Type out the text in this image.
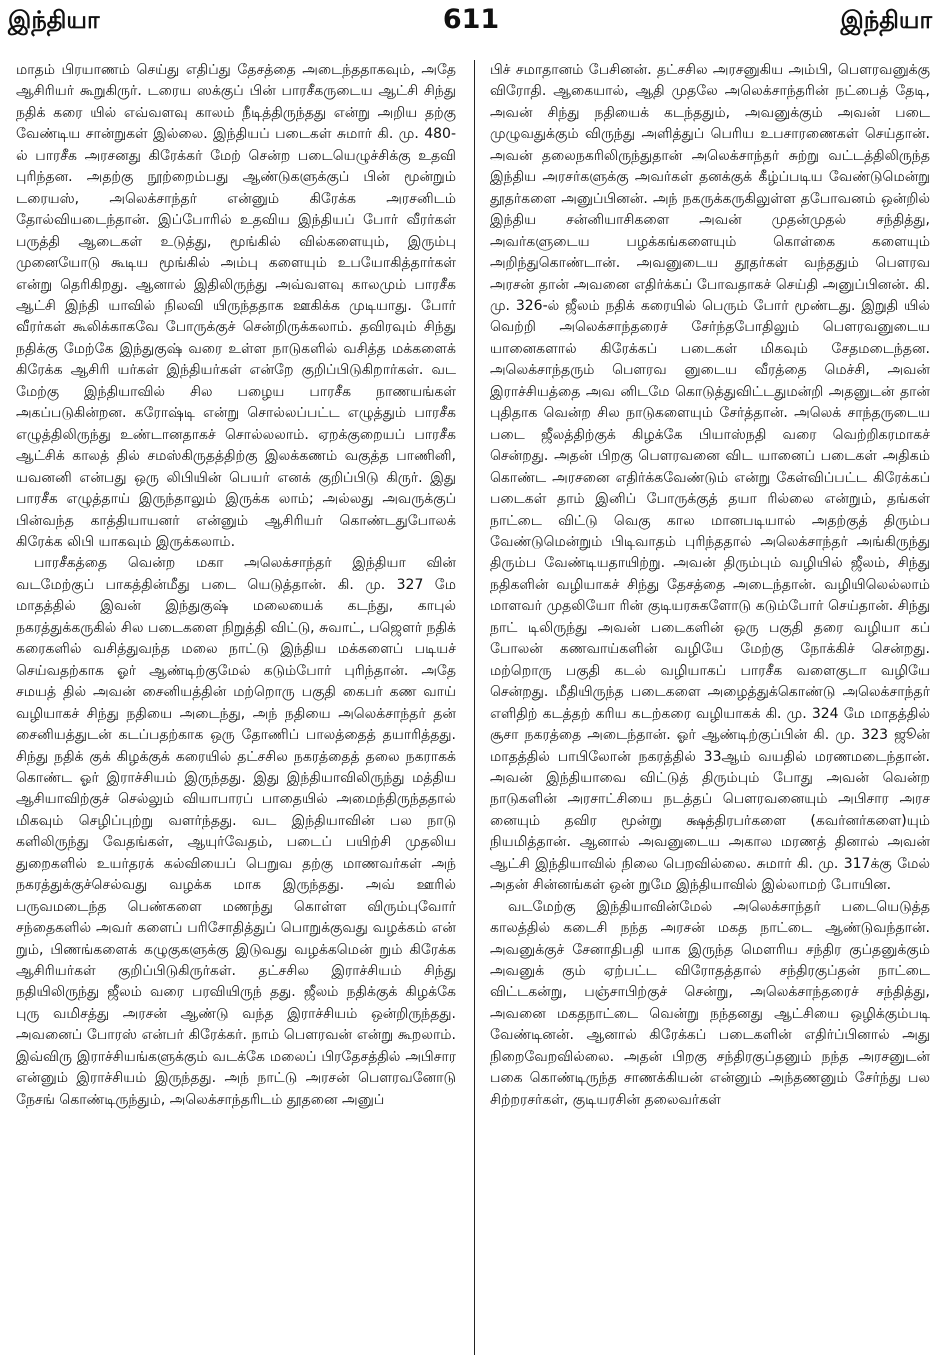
இந்தியா	611	இந்தியா

மாதம் பிரயாணம் செய்து எதிப்து தேசத்தை அடைந்ததாகவும், அதே ஆசிரியர் கூறுகிருர். டரைய ஸக்குப் பின் பாரசீகருடைய ஆட்சி சிந்து நதிக் கரை யில் எவ்வளவு காலம் நீடித்திருந்தது என்று அறிய தற்கு வேண்டிய சான்றுகள் இல்லை. இந்தியப் படைகள் சுமார் கி. மு. 480-ல் பாரசீக அரசனது கிரேக்கர் மேற் சென்ற படையெழுச்சிக்கு உதவி புரிந்தன. அதற்கு நூற்றைம்பது ஆண்டுகளுக்குப் பின் மூன்றும் டரையஸ், அலெக்சாந்தர் என்னும் கிரேக்க அரசனிடம் தோல்வியடைந்தான். இப்போரில் உதவிய இந்தியப் போர் வீரர்கள் பருத்தி ஆடைகள் உடுத்து, மூங்கில் வில்களையும், இரும்பு முனையோடு கூடிய மூங்கில் அம்பு களையும் உபயோகித்தார்கள் என்று தெரிகிறது. ஆனால் இதிலிருந்து அவ்வளவு காலமும் பாரசீக ஆட்சி இந்தி யாவில் நிலவி யிருந்ததாக ஊகிக்க முடியாது. போர் வீரர்கள் கூலிக்காகவே போருக்குச் சென்றிருக்கலாம். தவிரவும் சிந்து நதிக்கு மேற்கே இந்துகுஷ் வரை உள்ள நாடுகளில் வசித்த மக்களைக் கிரேக்க ஆசிரி யர்கள் இந்தியர்கள் என்றே குறிப்பிடுகிறார்கள். வட மேற்கு இந்தியாவில் சில பழைய பாரசீக நாணயங்கள் அகப்படுகின்றன. கரோஷ்டி என்று சொல்லப்பட்ட எழுத்தும் பாரசீக எழுத்திலிருந்து உண்டானதாகச் சொல்லலாம். ஏறக்குறையப் பாரசீக ஆட்சிக் காலத் தில் சமஸ்கிருதத்திற்கு இலக்கணம் வகுத்த பாணினி, யவனனி என்பது ஒரு லிபியின் பெயர் எனக் குறிப்பிடு கிருர். இது பாரசீக எழுத்தாய் இருந்தாலும் இருக்க லாம்; அல்லது அவருக்குப் பின்வந்த காத்தியாயனர் என்னும் ஆசிரியர் கொண்டதுபோலக் கிரேக்க லிபி யாகவும் இருக்கலாம்.

பாரசீகத்தை வென்ற மகா அலெக்சாந்தர் இந்தியா வின் வடமேற்குப் பாகத்தின்மீது படை யெடுத்தான். கி. மு. 327 மே மாதத்தில் இவன் இந்துகுஷ் மலையைக் கடந்து, காபுல் நகரத்துக்கருகில் சில படைகளை நிறுத்தி விட்டு, சுவாட், பஜௌர் நதிக் கரைகளில் வசித்துவந்த மலை நாட்டு இந்திய மக்களைப் படியச் செய்வதற்காக ஓர் ஆண்டிற்குமேல் கடும்போர் புரிந்தான். அதே சமயத் தில் அவன் சைனியத்தின் மற்றொரு பகுதி கைபர் கண வாய் வழியாகச் சிந்து நதியை அடைந்து, அந் நதியை அலெக்சாந்தர் தன் சைனியத்துடன் கடப்பதற்காக ஒரு தோணிப் பாலத்தைத் தயாரித்தது. சிந்து நதிக் குக் கிழக்குக் கரையில் தட்சசில நகரத்தைத் தலை நகராகக் கொண்ட ஓர் இராச்சியம் இருந்தது. இது இந்தியாவிலிருந்து மத்திய ஆசியாவிற்குச் செல்லும் வியாபாரப் பாதையில் அமைந்திருந்ததால் மிகவும் செழிப்புற்று வளர்ந்தது. வட இந்தியாவின் பல நாடு களிலிருந்து வேதங்கள், ஆயுர்வேதம், படைப் பயிற்சி முதலிய துறைகளில் உயர்தரக் கல்வியைப் பெறுவ தற்கு மாணவர்கள் அந் நகரத்துக்குச்செல்வது வழக்க மாக இருந்தது. அவ் ஊரில் பருவமடைந்த பெண்களை மணந்து கொள்ள விரும்புவோர் சந்தைகளில் அவர் களைப் பரிசோதித்துப் பொறுக்குவது வழக்கம் என் றும், பிணங்களைக் கழுகுகளுக்கு இடுவது வழக்கமென் றும் கிரேக்க ஆசிரியர்கள் குறிப்பிடுகிருர்கள். தட்சசில இராச்சியம் சிந்து நதியிலிருந்து ஜீலம் வரை பரவியிருந் தது. ஜீலம் நதிக்குக் கிழக்கே புரு வமிசத்து அரசன் ஆண்டு வந்த இராச்சியம் ஒன்றிருந்தது. அவனைப் போரஸ் என்பர் கிரேக்கர். நாம் பௌரவன் என்று கூறலாம். இவ்விரு இராச்சியங்களுக்கும் வடக்கே மலைப் பிரதேசத்தில் அபிசார என்னும் இராச்சியம் இருந்தது. அந் நாட்டு அரசன் பௌரவனோடு நேசங் கொண்டிருந்தும், அலெக்சாந்தரிடம் தூதனை அனுப்

பிச் சமாதானம் பேசினன். தட்சசில அரசனுகிய அம்பி, பௌரவனுக்கு விரோதி. ஆகையால், ஆதி முதலே அலெக்சாந்தரின் நட்பைத் தேடி, அவன் சிந்து நதியைக் கடந்ததும், அவனுக்கும் அவன் படை முழுவதுக்கும் விருந்து அளித்துப் பெரிய உபசாரணைகள் செய்தான். அவன் தலைநகரிலிருந்துதான் அலெக்சாந்தர் சுற்று வட்டத்திலிருந்த இந்திய அரசர்களுக்கு அவர்கள் தனக்குக் கீழ்ப்படிய வேண்டுமென்று தூதர்களை அனுப்பினன். அந் நகருக்கருகிலுள்ள தபோவனம் ஒன்றில் இந்திய சன்னியாசிகளை அவன் முதன்முதல் சந்தித்து, அவர்களுடைய பழக்கங்களையும் கொள்கை களையும் அறிந்துகொண்டான். அவனுடைய தூதர்கள் வந்ததும் பௌரவ அரசன் தான் அவனை எதிர்க்கப் போவதாகச் செய்தி அனுப்பினன். கி. மு. 326-ல் ஜீலம் நதிக் கரையில் பெரும் போர் மூண்டது. இறுதி யில் வெற்றி அலெக்சாந்தரைச் சேர்ந்தபோதிலும் பௌரவனுடைய யானைகளால் கிரேக்கப் படைகள் மிகவும் சேதமடைந்தன. அலெக்சாந்தரும் பௌரவ னுடைய வீரத்தை மெச்சி, அவன் இராச்சியத்தை அவ னிடமே கொடுத்துவிட்டதுமன்றி அதனுடன் தான் புதிதாக வென்ற சில நாடுகளையும் சேர்த்தான். அலெக் சாந்தருடைய படை ஜீலத்திற்குக் கிழக்கே பியாஸ்நதி வரை வெற்றிகரமாகச் சென்றது. அதன் பிறகு பௌரவனை விட யானைப் படைகள் அதிகம் கொண்ட அரசனை எதிர்க்கவேண்டும் என்று கேள்விப்பட்ட கிரேக்கப் படைகள் தாம் இனிப் போருக்குத் தயா ரில்லை என்றும், தங்கள் நாட்டை விட்டு வெகு கால மானபடியால் அதற்குத் திரும்ப வேண்டுமென்றும் பிடிவாதம் புரிந்ததால் அலெக்சாந்தர் அங்கிருந்து திரும்ப வேண்டியதாயிற்று. அவன் திரும்பும் வழியில் ஜீலம், சிந்து நதிகளின் வழியாகச் சிந்து தேசத்தை அடைந்தான். வழியிலெல்லாம் மாளவர் முதலியோ ரின் குடியரசுகளோடு கடும்போர் செய்தான். சிந்து நாட் டிலிருந்து அவன் படைகளின் ஒரு பகுதி தரை வழியா கப் போலன் கணவாய்களின் வழியே மேற்கு நோக்கிச் சென்றது. மற்றொரு பகுதி கடல் வழியாகப் பாரசீக வளைகுடா வழியே சென்றது. மீதியிருந்த படைகளை அழைத்துக்கொண்டு அலெக்சாந்தர் எளிதிற் கடத்தற் கரிய கடற்கரை வழியாகக் கி. மு. 324 மே மாதத்தில் சூசா நகரத்தை அடைந்தான். ஓர் ஆண்டிற்குப்பின் கி. மு. 323 ஜூன் மாதத்தில் பாபிலோன் நகரத்தில் 33ஆம் வயதில் மரணமடைந்தான். அவன் இந்தியாவை விட்டுத் திரும்பும் போது அவன் வென்ற நாடுகளின் அரசாட்சியை நடத்தப் பௌரவனையும் அபிசார அரச னையும் தவிர மூன்று க்ஷத்திரபர்களை (கவர்னர்களை)யும் நியமித்தான். ஆனால் அவனுடைய அகால மரணத் தினால் அவன் ஆட்சி இந்தியாவில் நிலை பெறவில்லை. சுமார் கி. மு. 317க்கு மேல் அதன் சின்னங்கள் ஒன் றுமே இந்தியாவில் இல்லாமற் போயின.

வடமேற்கு இந்தியாவின்மேல் அலெக்சாந்தர் படையெடுத்த காலத்தில் கடைசி நந்த அரசன் மகத நாட்டை ஆண்டுவந்தான். அவனுக்குச் சேனாதிபதி யாக இருந்த மௌரிய சந்திர குப்தனுக்கும் அவனுக் கும் ஏற்பட்ட விரோதத்தால் சந்திரகுப்தன் நாட்டை விட்டகன்று, பஞ்சாபிற்குச் சென்று, அலெக்சாந்தரைச் சந்தித்து, அவனை மகதநாட்டை வென்று நந்தனது ஆட்சியை ஒழிக்கும்படி வேண்டினன். ஆனால் கிரேக்கப் படைகளின் எதிர்ப்பினால் அது நிறைவேறவில்லை. அதன் பிறகு சந்திரகுப்தனும் நந்த அரசனுடன் பகை கொண்டிருந்த சாணக்கியன் என்னும் அந்தணனும் சேர்ந்து பல சிற்றரசர்கள், குடியரசின் தலைவர்கள்
